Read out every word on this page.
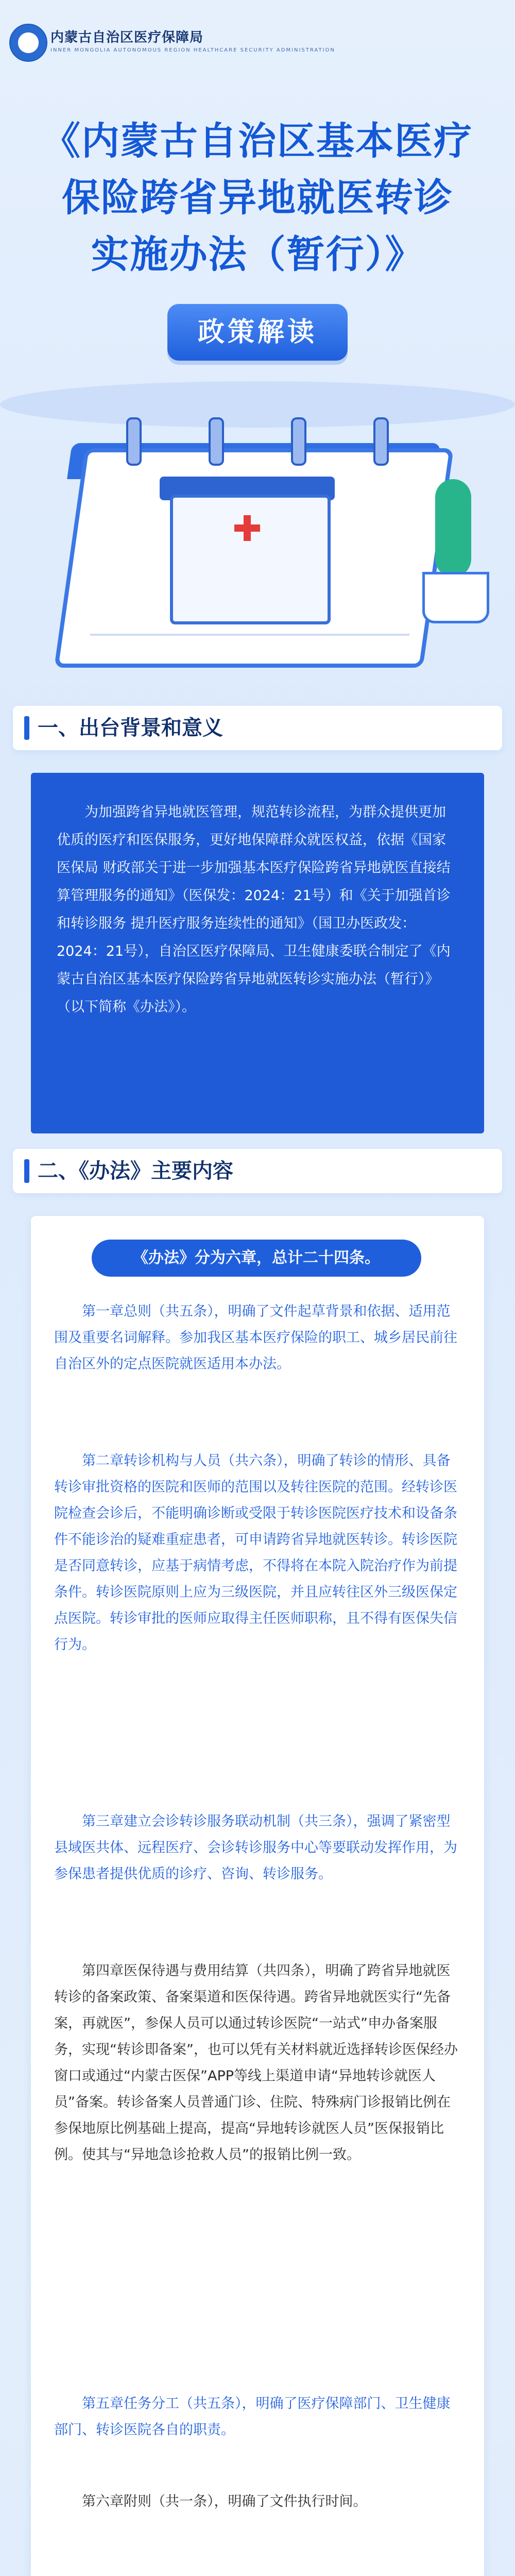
内蒙古自治区医疗保障局
INNER MONGOLIA AUTONOMOUS REGION HEALTHCARE SECURITY ADMINISTRATION
《内蒙古自治区基本医疗
保险跨省异地就医转诊
实施办法（暂行）》
政策解读
一、出台背景和意义

为加强跨省异地就医管理，规范转诊流程，为群众提供更加优质的医疗和医保服务，更好地保障群众就医权益，依据《国家医保局 财政部关于进一步加强基本医疗保险跨省异地就医直接结算管理服务的通知》（医保发：2024：21号）和《关于加强首诊和转诊服务 提升医疗服务连续性的通知》（国卫办医政发：2024：21号），自治区医疗保障局、卫生健康委联合制定了《内蒙古自治区基本医疗保险跨省异地就医转诊实施办法（暂行）》（以下简称《办法》）。

二、《办法》主要内容
《办法》分为六章，总计二十四条。

第一章总则（共五条），明确了文件起草背景和依据、适用范围及重要名词解释。参加我区基本医疗保险的职工、城乡居民前往自治区外的定点医院就医适用本办法。

第二章转诊机构与人员（共六条），明确了转诊的情形、具备转诊审批资格的医院和医师的范围以及转往医院的范围。经转诊医院检查会诊后，不能明确诊断或受限于转诊医院医疗技术和设备条件不能诊治的疑难重症患者，可申请跨省异地就医转诊。转诊医院是否同意转诊，应基于病情考虑，不得将在本院入院治疗作为前提条件。转诊医院原则上应为三级医院，并且应转往区外三级医保定点医院。转诊审批的医师应取得主任医师职称，且不得有医保失信行为。

第三章建立会诊转诊服务联动机制（共三条），强调了紧密型县域医共体、远程医疗、会诊转诊服务中心等要联动发挥作用，为参保患者提供优质的诊疗、咨询、转诊服务。

第四章医保待遇与费用结算（共四条），明确了跨省异地就医转诊的备案政策、备案渠道和医保待遇。跨省异地就医实行“先备案，再就医”，参保人员可以通过转诊医院“一站式”申办备案服务，实现“转诊即备案”，也可以凭有关材料就近选择转诊医保经办窗口或通过“内蒙古医保”APP等线上渠道申请“异地转诊就医人员”备案。转诊备案人员普通门诊、住院、特殊病门诊报销比例在参保地原比例基础上提高，提高“异地转诊就医人员”医保报销比例。使其与“异地急诊抢救人员”的报销比例一致。

第五章任务分工（共五条），明确了医疗保障部门、卫生健康部门、转诊医院各自的职责。

第六章附则（共一条），明确了文件执行时间。
